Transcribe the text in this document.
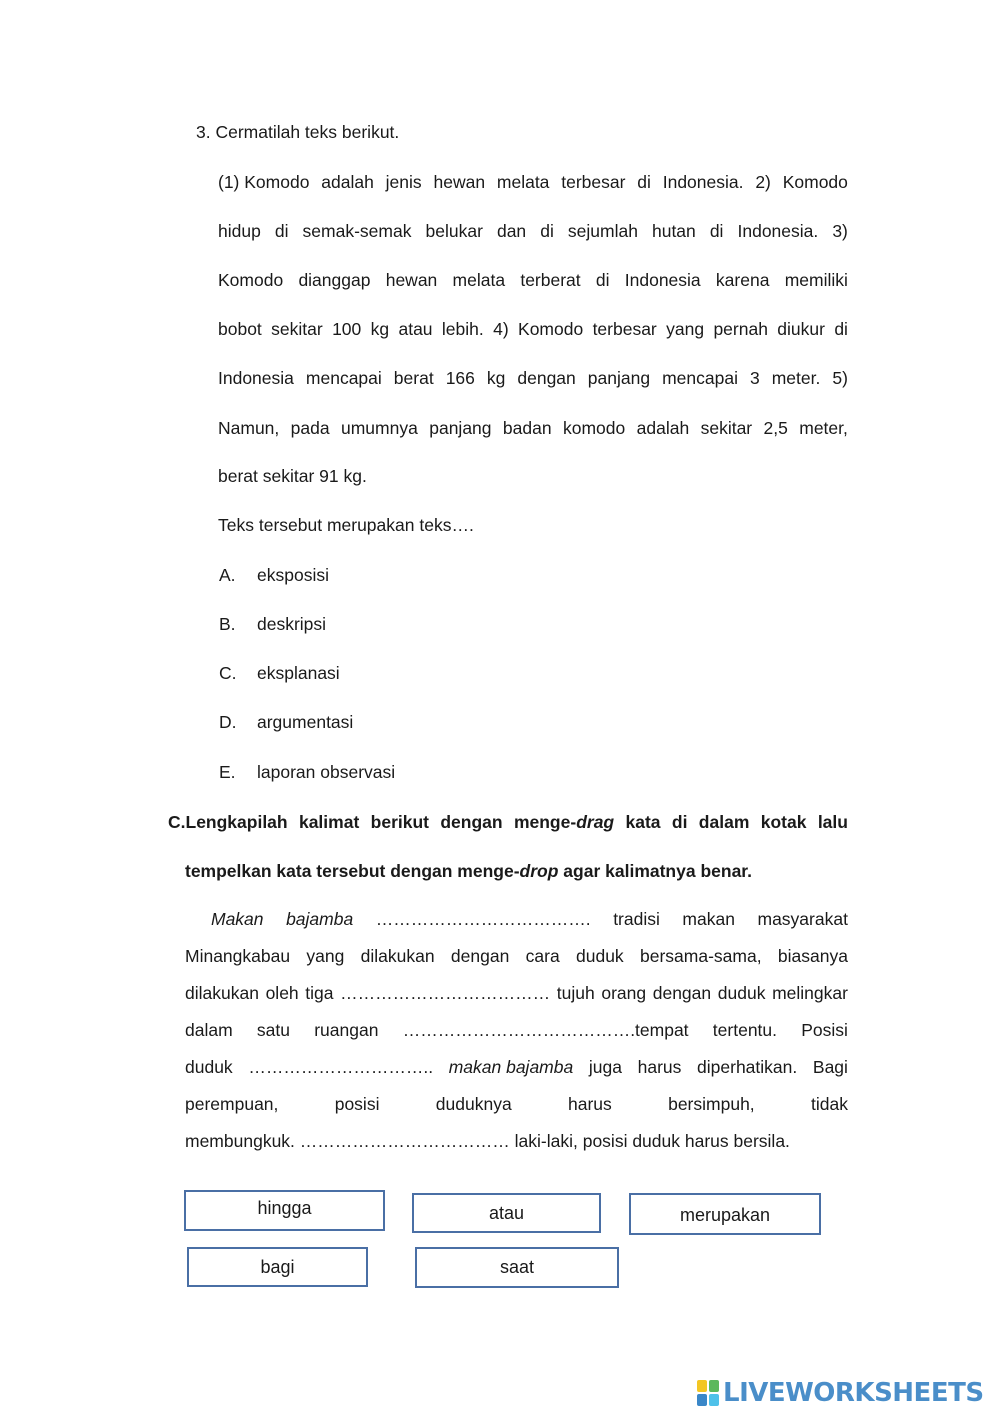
3. Cermatilah teks berikut.
(1) Komodo adalah jenis hewan melata terbesar di Indonesia. 2) Komodo
hidup di semak-semak belukar dan di sejumlah hutan di Indonesia. 3)
Komodo dianggap hewan melata terberat di Indonesia karena memiliki
bobot sekitar 100 kg atau lebih. 4) Komodo terbesar yang pernah diukur di
Indonesia mencapai berat 166 kg dengan panjang mencapai 3 meter. 5)
Namun, pada umumnya panjang badan komodo adalah sekitar 2,5 meter,
berat sekitar 91 kg.
Teks tersebut merupakan teks….
A. eksposisi
B. deskripsi
C. eksplanasi
D. argumentasi
E. laporan observasi
C.Lengkapilah kalimat berikut dengan menge-drag kata di dalam kotak lalu
tempelkan kata tersebut dengan menge-drop agar kalimatnya benar.
Makan bajamba ………………………………. tradisi makan masyarakat
Minangkabau yang dilakukan dengan cara duduk bersama-sama, biasanya
dilakukan oleh tiga ……………………………… tujuh orang dengan duduk melingkar
dalam satu ruangan ………………………………….tempat tertentu. Posisi
duduk ………………………….. makan bajamba juga harus diperhatikan. Bagi
perempuan,	posisi	duduknya	harus	bersimpuh,	tidak
membungkuk. ……………………………… laki-laki, posisi duduk harus bersila.
hingga	atau	merupakan
bagi	saat
LIVEWORKSHEETS
